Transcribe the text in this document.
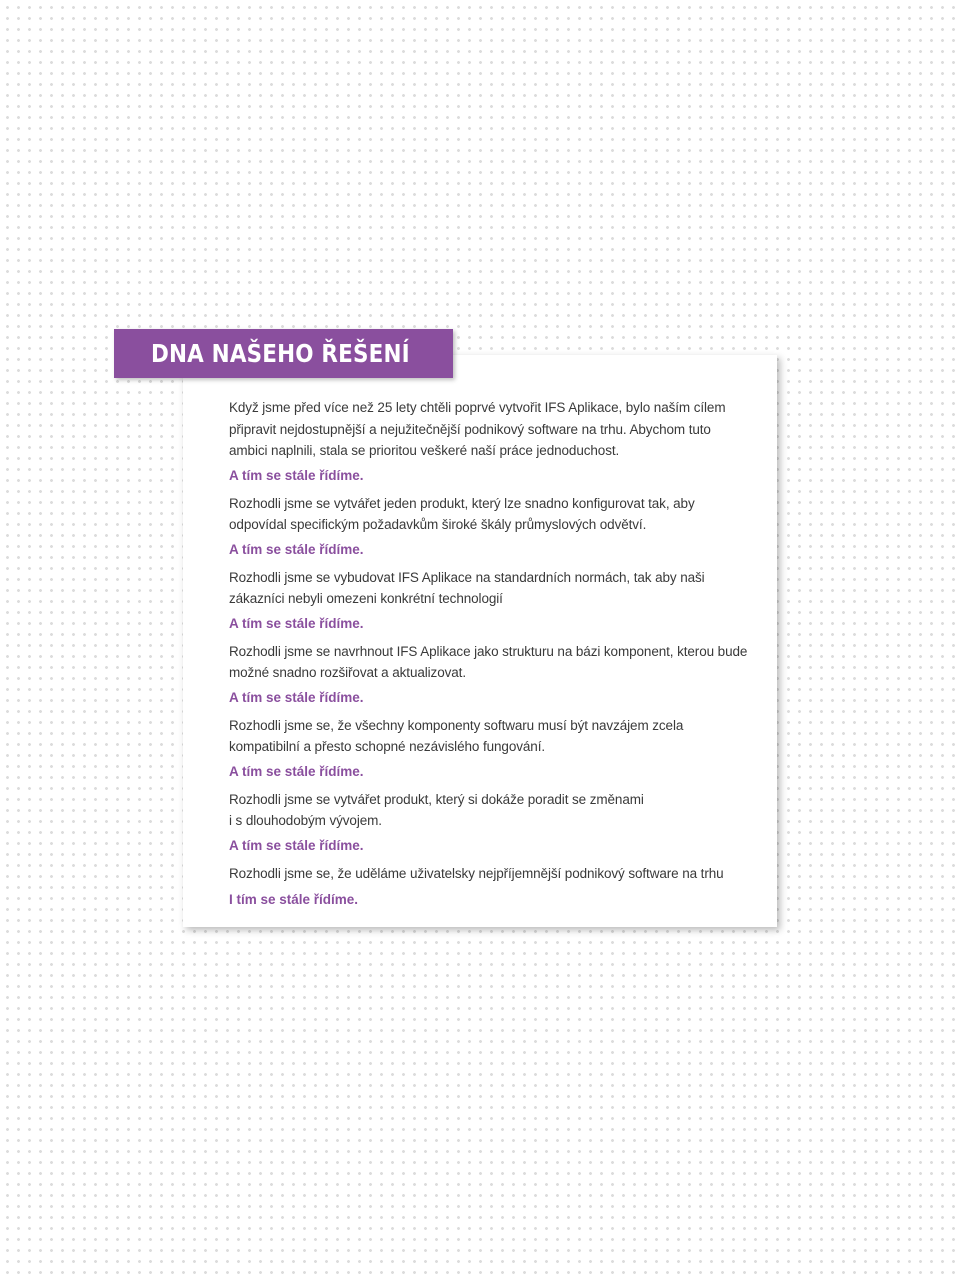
DNA NAŠEHO ŘEŠENÍ

Když jsme před více než 25 lety chtěli poprvé vytvořit IFS Aplikace, bylo naším cílem
připravit nejdostupnější a nejužitečnější podnikový software na trhu. Abychom tuto
ambici naplnili, stala se prioritou veškeré naší práce jednoduchost.

A tím se stále řídíme.

Rozhodli jsme se vytvářet jeden produkt, který lze snadno konfigurovat tak, aby
odpovídal specifickým požadavkům široké škály průmyslových odvětví.

A tím se stále řídíme.

Rozhodli jsme se vybudovat IFS Aplikace na standardních normách, tak aby naši
zákazníci nebyli omezeni konkrétní technologií

A tím se stále řídíme.

Rozhodli jsme se navrhnout IFS Aplikace jako strukturu na bázi komponent, kterou bude
možné snadno rozšiřovat a aktualizovat.

A tím se stále řídíme.

Rozhodli jsme se, že všechny komponenty softwaru musí být navzájem zcela
kompatibilní a přesto schopné nezávislého fungování.

A tím se stále řídíme.

Rozhodli jsme se vytvářet produkt, který si dokáže poradit se změnami
i s dlouhodobým vývojem.

A tím se stále řídíme.

Rozhodli jsme se, že uděláme uživatelsky nejpříjemnější podnikový software na trhu

I tím se stále řídíme.
